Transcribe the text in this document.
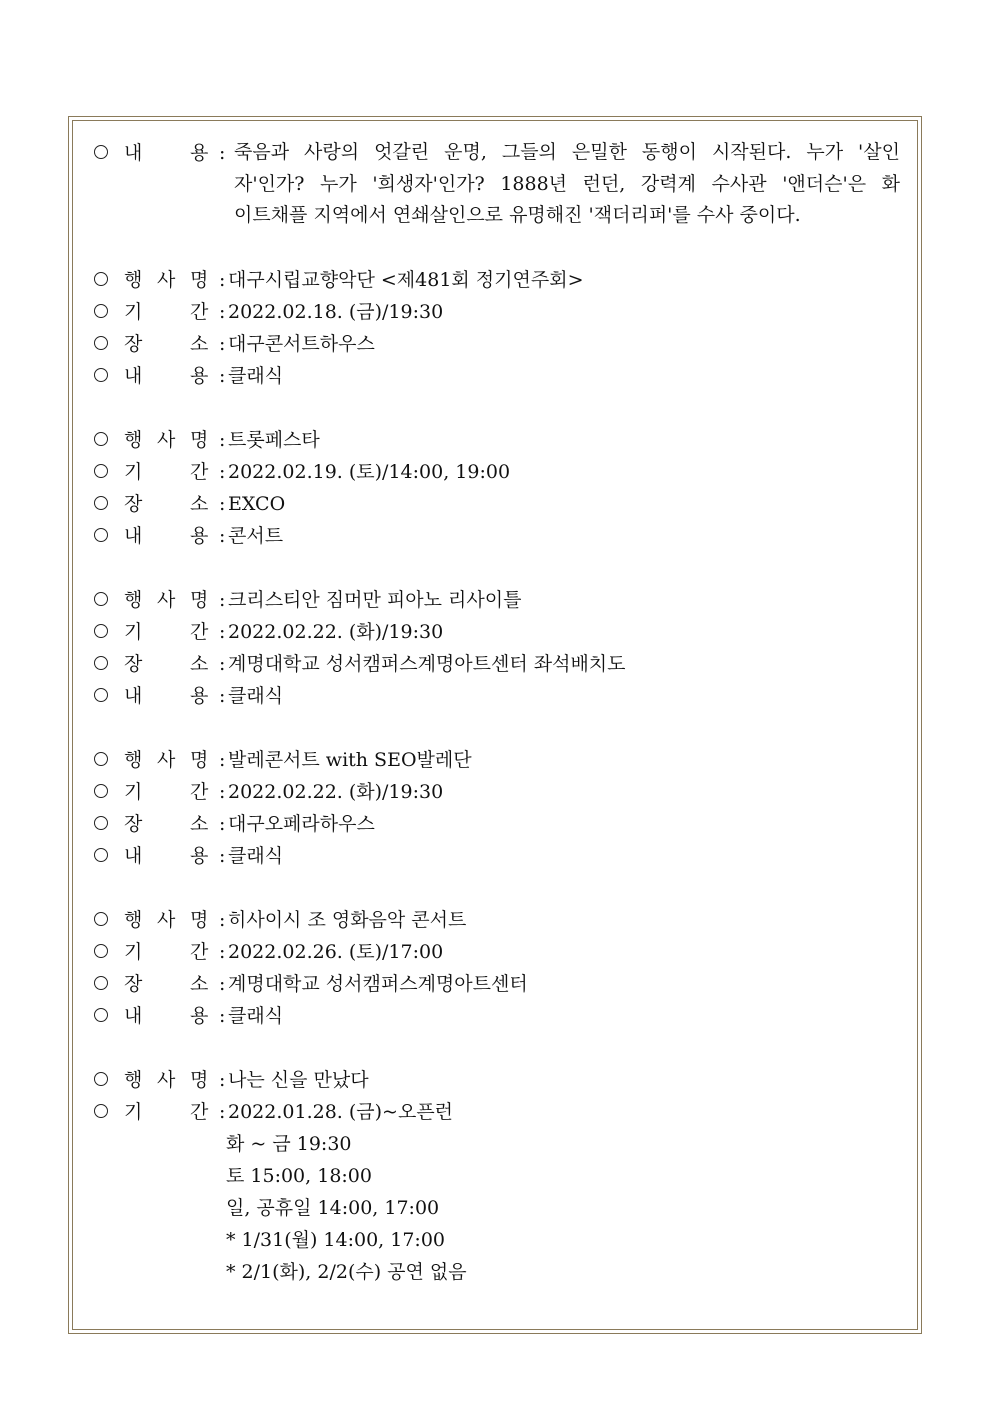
내	용 : 죽음과 사랑의 엇갈린 운명, 그들의 은밀한 동행이 시작된다. 누가 '살인
자'인가? 누가 '희생자'인가? 1888년 런던, 강력계 수사관 '앤더슨'은 화
이트채플 지역에서 연쇄살인으로 유명해진 '잭더리퍼'를 수사 중이다.
행 사 명 : 대구시립교향악단 <제481회 정기연주회>
기	간 : 2022.02.18. (금)/19:30
장	소 : 대구콘서트하우스
내	용 : 클래식
행 사 명 : 트롯페스타
기	간 : 2022.02.19. (토)/14:00, 19:00
장	소 : EXCO
내	용 : 콘서트
행 사 명 : 크리스티안 짐머만 피아노 리사이틀
기	간 : 2022.02.22. (화)/19:30
장	소 : 계명대학교 성서캠퍼스계명아트센터 좌석배치도
내	용 : 클래식
행 사 명 : 발레콘서트 with SEO발레단
기	간 : 2022.02.22. (화)/19:30
장	소 : 대구오페라하우스
내	용 : 클래식
행 사 명 : 히사이시 조 영화음악 콘서트
기	간 : 2022.02.26. (토)/17:00
장	소 : 계명대학교 성서캠퍼스계명아트센터
내	용 : 클래식
행 사 명 : 나는 신을 만났다
기	간 : 2022.01.28. (금)~오픈런
화 ~ 금 19:30
토 15:00, 18:00
일, 공휴일 14:00, 17:00
* 1/31(월) 14:00, 17:00
* 2/1(화), 2/2(수) 공연 없음
